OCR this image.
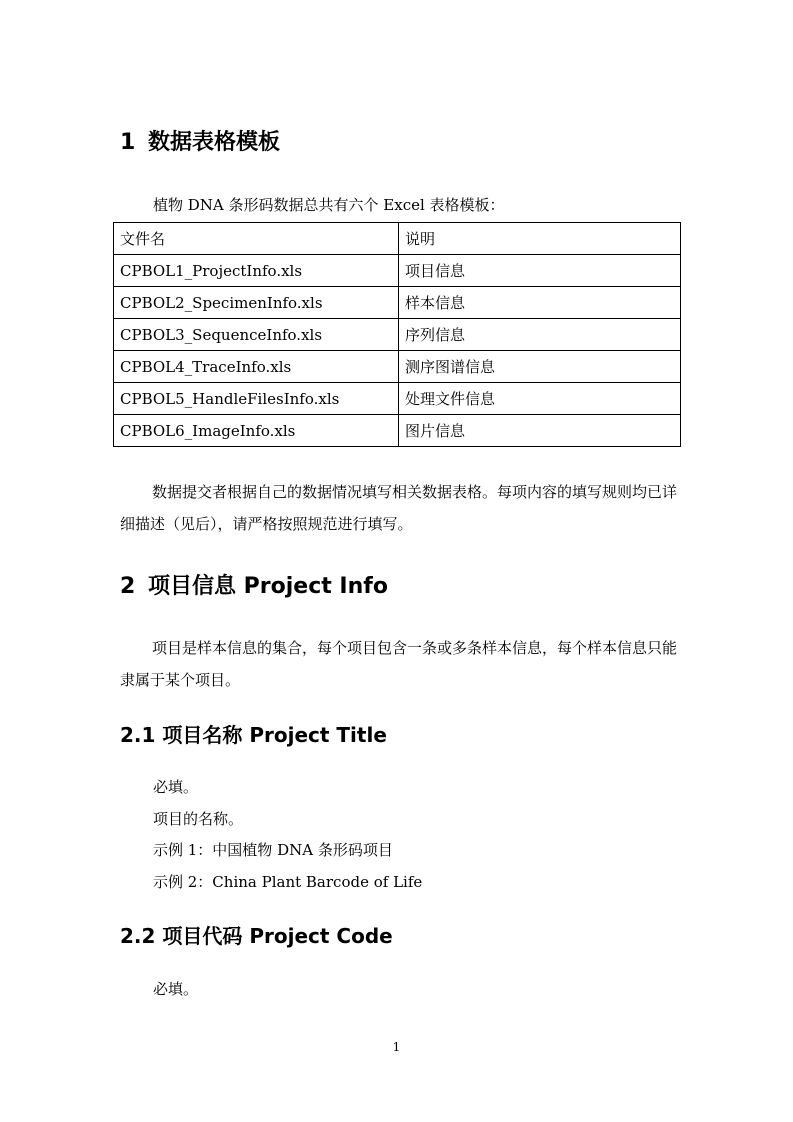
1 数据表格模板
植物 DNA 条形码数据总共有六个 Excel 表格模板：
文件名	说明
CPBOL1_ProjectInfo.xls	项目信息
CPBOL2_SpecimenInfo.xls	样本信息
CPBOL3_SequenceInfo.xls	序列信息
CPBOL4_TraceInfo.xls	测序图谱信息
CPBOL5_HandleFilesInfo.xls	处理文件信息
CPBOL6_ImageInfo.xls	图片信息
数据提交者根据自己的数据情况填写相关数据表格。每项内容的填写规则均已详细描述（见后），请严格按照规范进行填写。
2 项目信息 Project Info
项目是样本信息的集合，每个项目包含一条或多条样本信息，每个样本信息只能隶属于某个项目。
2.1 项目名称 Project Title
必填。
项目的名称。
示例 1：中国植物 DNA 条形码项目
示例 2：China Plant Barcode of Life
2.2 项目代码 Project Code
必填。
1
